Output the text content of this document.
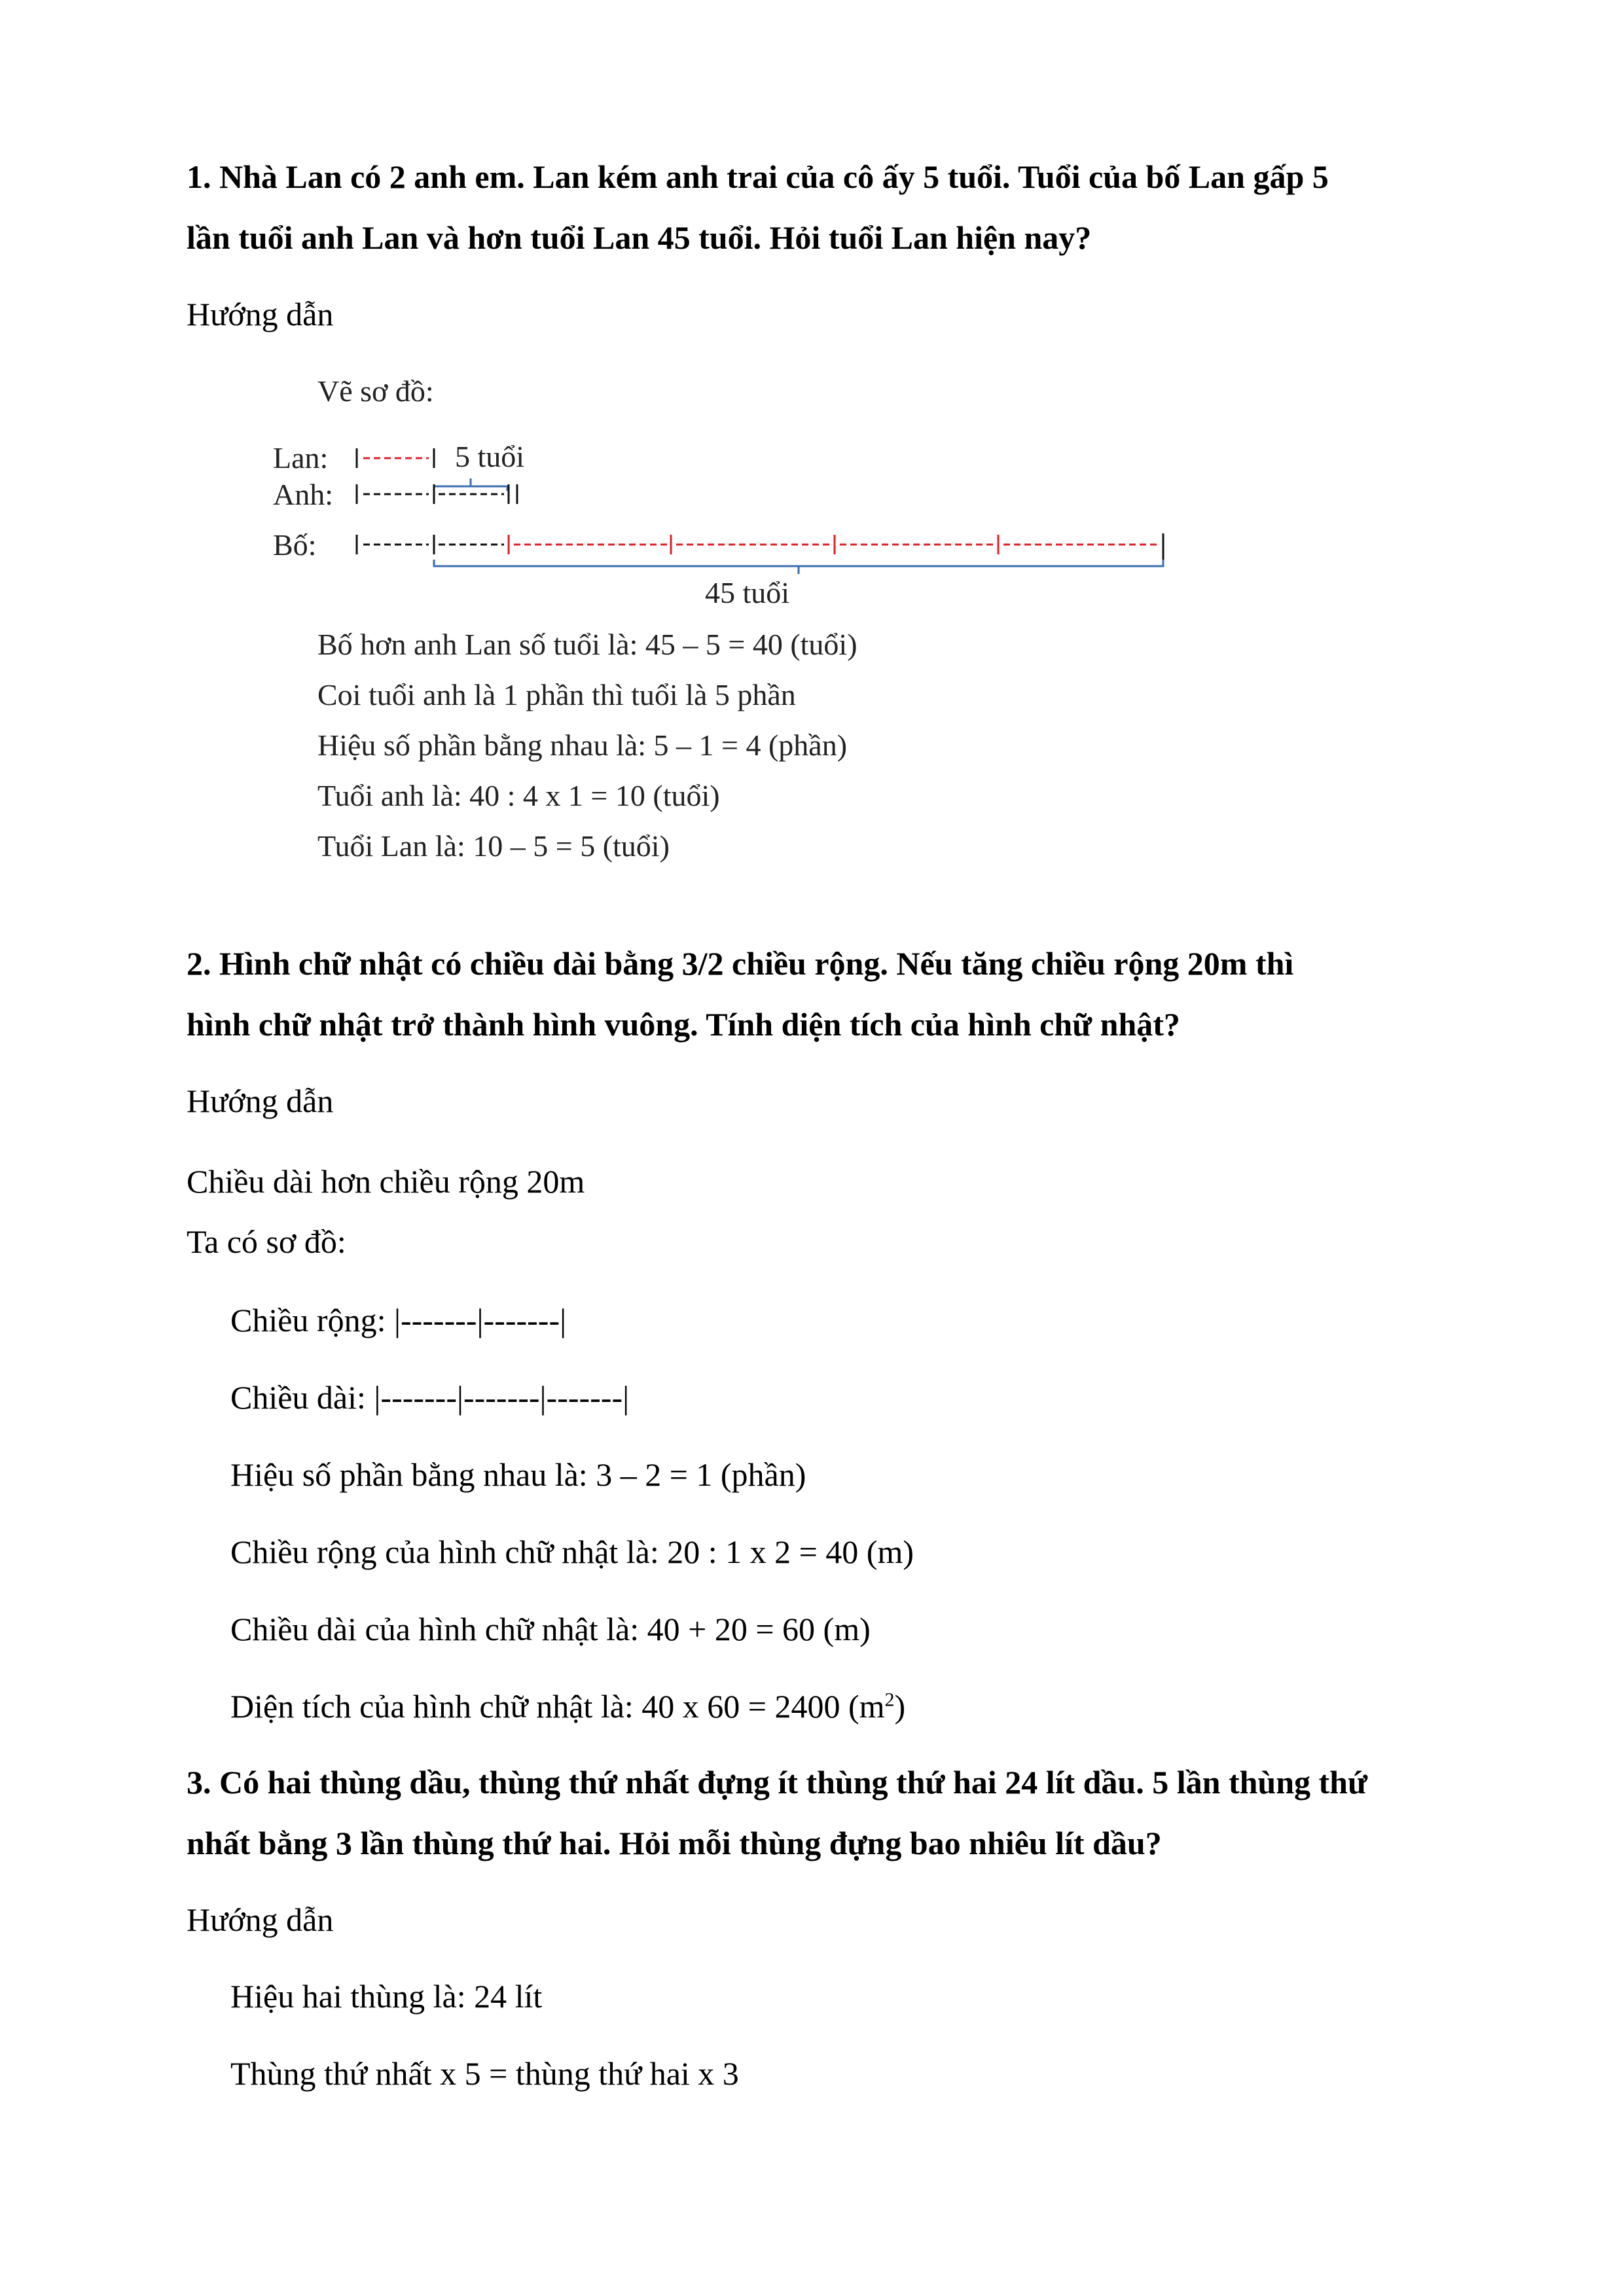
1. Nhà Lan có 2 anh em. Lan kém anh trai của cô ấy 5 tuổi. Tuổi của bố Lan gấp 5
lần tuổi anh Lan và hơn tuổi Lan 45 tuổi. Hỏi tuổi Lan hiện nay?
Hướng dẫn
Vẽ sơ đồ:
Lan:	5 tuổi
Anh:
Bố:
45 tuổi
Bố hơn anh Lan số tuổi là: 45 – 5 = 40 (tuổi)
Coi tuổi anh là 1 phần thì tuổi là 5 phần
Hiệu số phần bằng nhau là: 5 – 1 = 4 (phần)
Tuổi anh là: 40 : 4 x 1 = 10 (tuổi)
Tuổi Lan là: 10 – 5 = 5 (tuổi)
2. Hình chữ nhật có chiều dài bằng 3/2 chiều rộng. Nếu tăng chiều rộng 20m thì
hình chữ nhật trở thành hình vuông. Tính diện tích của hình chữ nhật?
Hướng dẫn
Chiều dài hơn chiều rộng 20m
Ta có sơ đồ:
Chiều rộng: |-------|-------|
Chiều dài: |-------|-------|-------|
Hiệu số phần bằng nhau là: 3 – 2 = 1 (phần)
Chiều rộng của hình chữ nhật là: 20 : 1 x 2 = 40 (m)
Chiều dài của hình chữ nhật là: 40 + 20 = 60 (m)
Diện tích của hình chữ nhật là: 40 x 60 = 2400 $(m^2)$
3. Có hai thùng dầu, thùng thứ nhất đựng ít thùng thứ hai 24 lít dầu. 5 lần thùng thứ
nhất bằng 3 lần thùng thứ hai. Hỏi mỗi thùng đựng bao nhiêu lít dầu?
Hướng dẫn
Hiệu hai thùng là: 24 lít
Thùng thứ nhất x 5 = thùng thứ hai x 3
